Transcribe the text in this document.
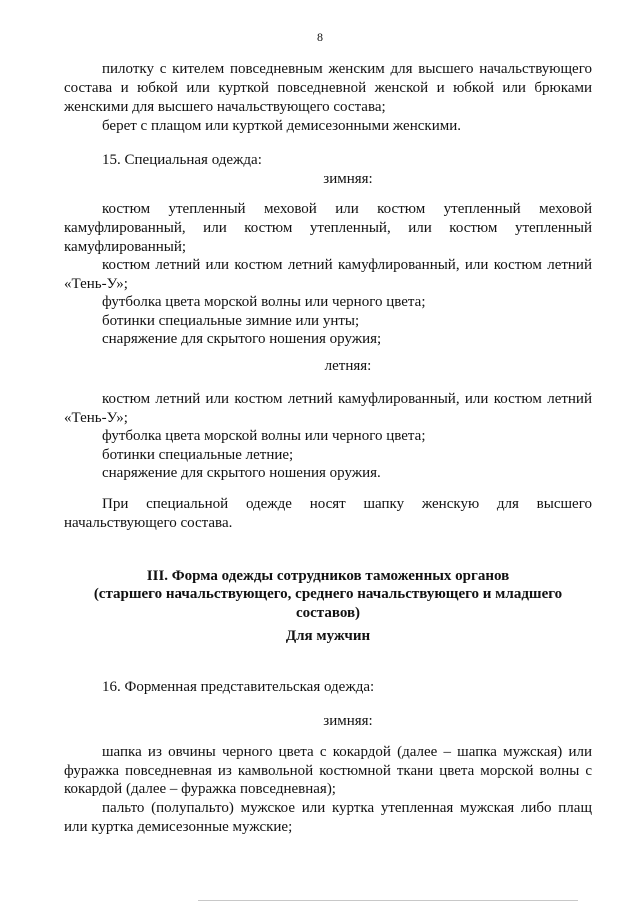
8
пилотку с кителем повседневным женским для высшего начальствующего
состава и юбкой или курткой повседневной женской и юбкой или брюками
женскими для высшего начальствующего состава;
берет с плащом или курткой демисезонными женскими.
15. Специальная одежда:
зимняя:
костюм утепленный меховой или костюм утепленный меховой
камуфлированный, или костюм утепленный, или костюм утепленный
камуфлированный;
костюм летний или костюм летний камуфлированный, или костюм летний
«Тень-У»;
футболка цвета морской волны или черного цвета;
ботинки специальные зимние или унты;
снаряжение для скрытого ношения оружия;
летняя:
костюм летний или костюм летний камуфлированный, или костюм летний
«Тень-У»;
футболка цвета морской волны или черного цвета;
ботинки специальные летние;
снаряжение для скрытого ношения оружия.
При специальной одежде носят шапку женскую для высшего
начальствующего состава.
III. Форма одежды сотрудников таможенных органов
(старшего начальствующего, среднего начальствующего и младшего
составов)
Для мужчин
16. Форменная представительская одежда:
зимняя:
шапка из овчины черного цвета с кокардой (далее – шапка мужская) или
фуражка повседневная из камвольной костюмной ткани цвета морской волны с
кокардой (далее – фуражка повседневная);
пальто (полупальто) мужское или куртка утепленная мужская либо плащ
или куртка демисезонные мужские;
